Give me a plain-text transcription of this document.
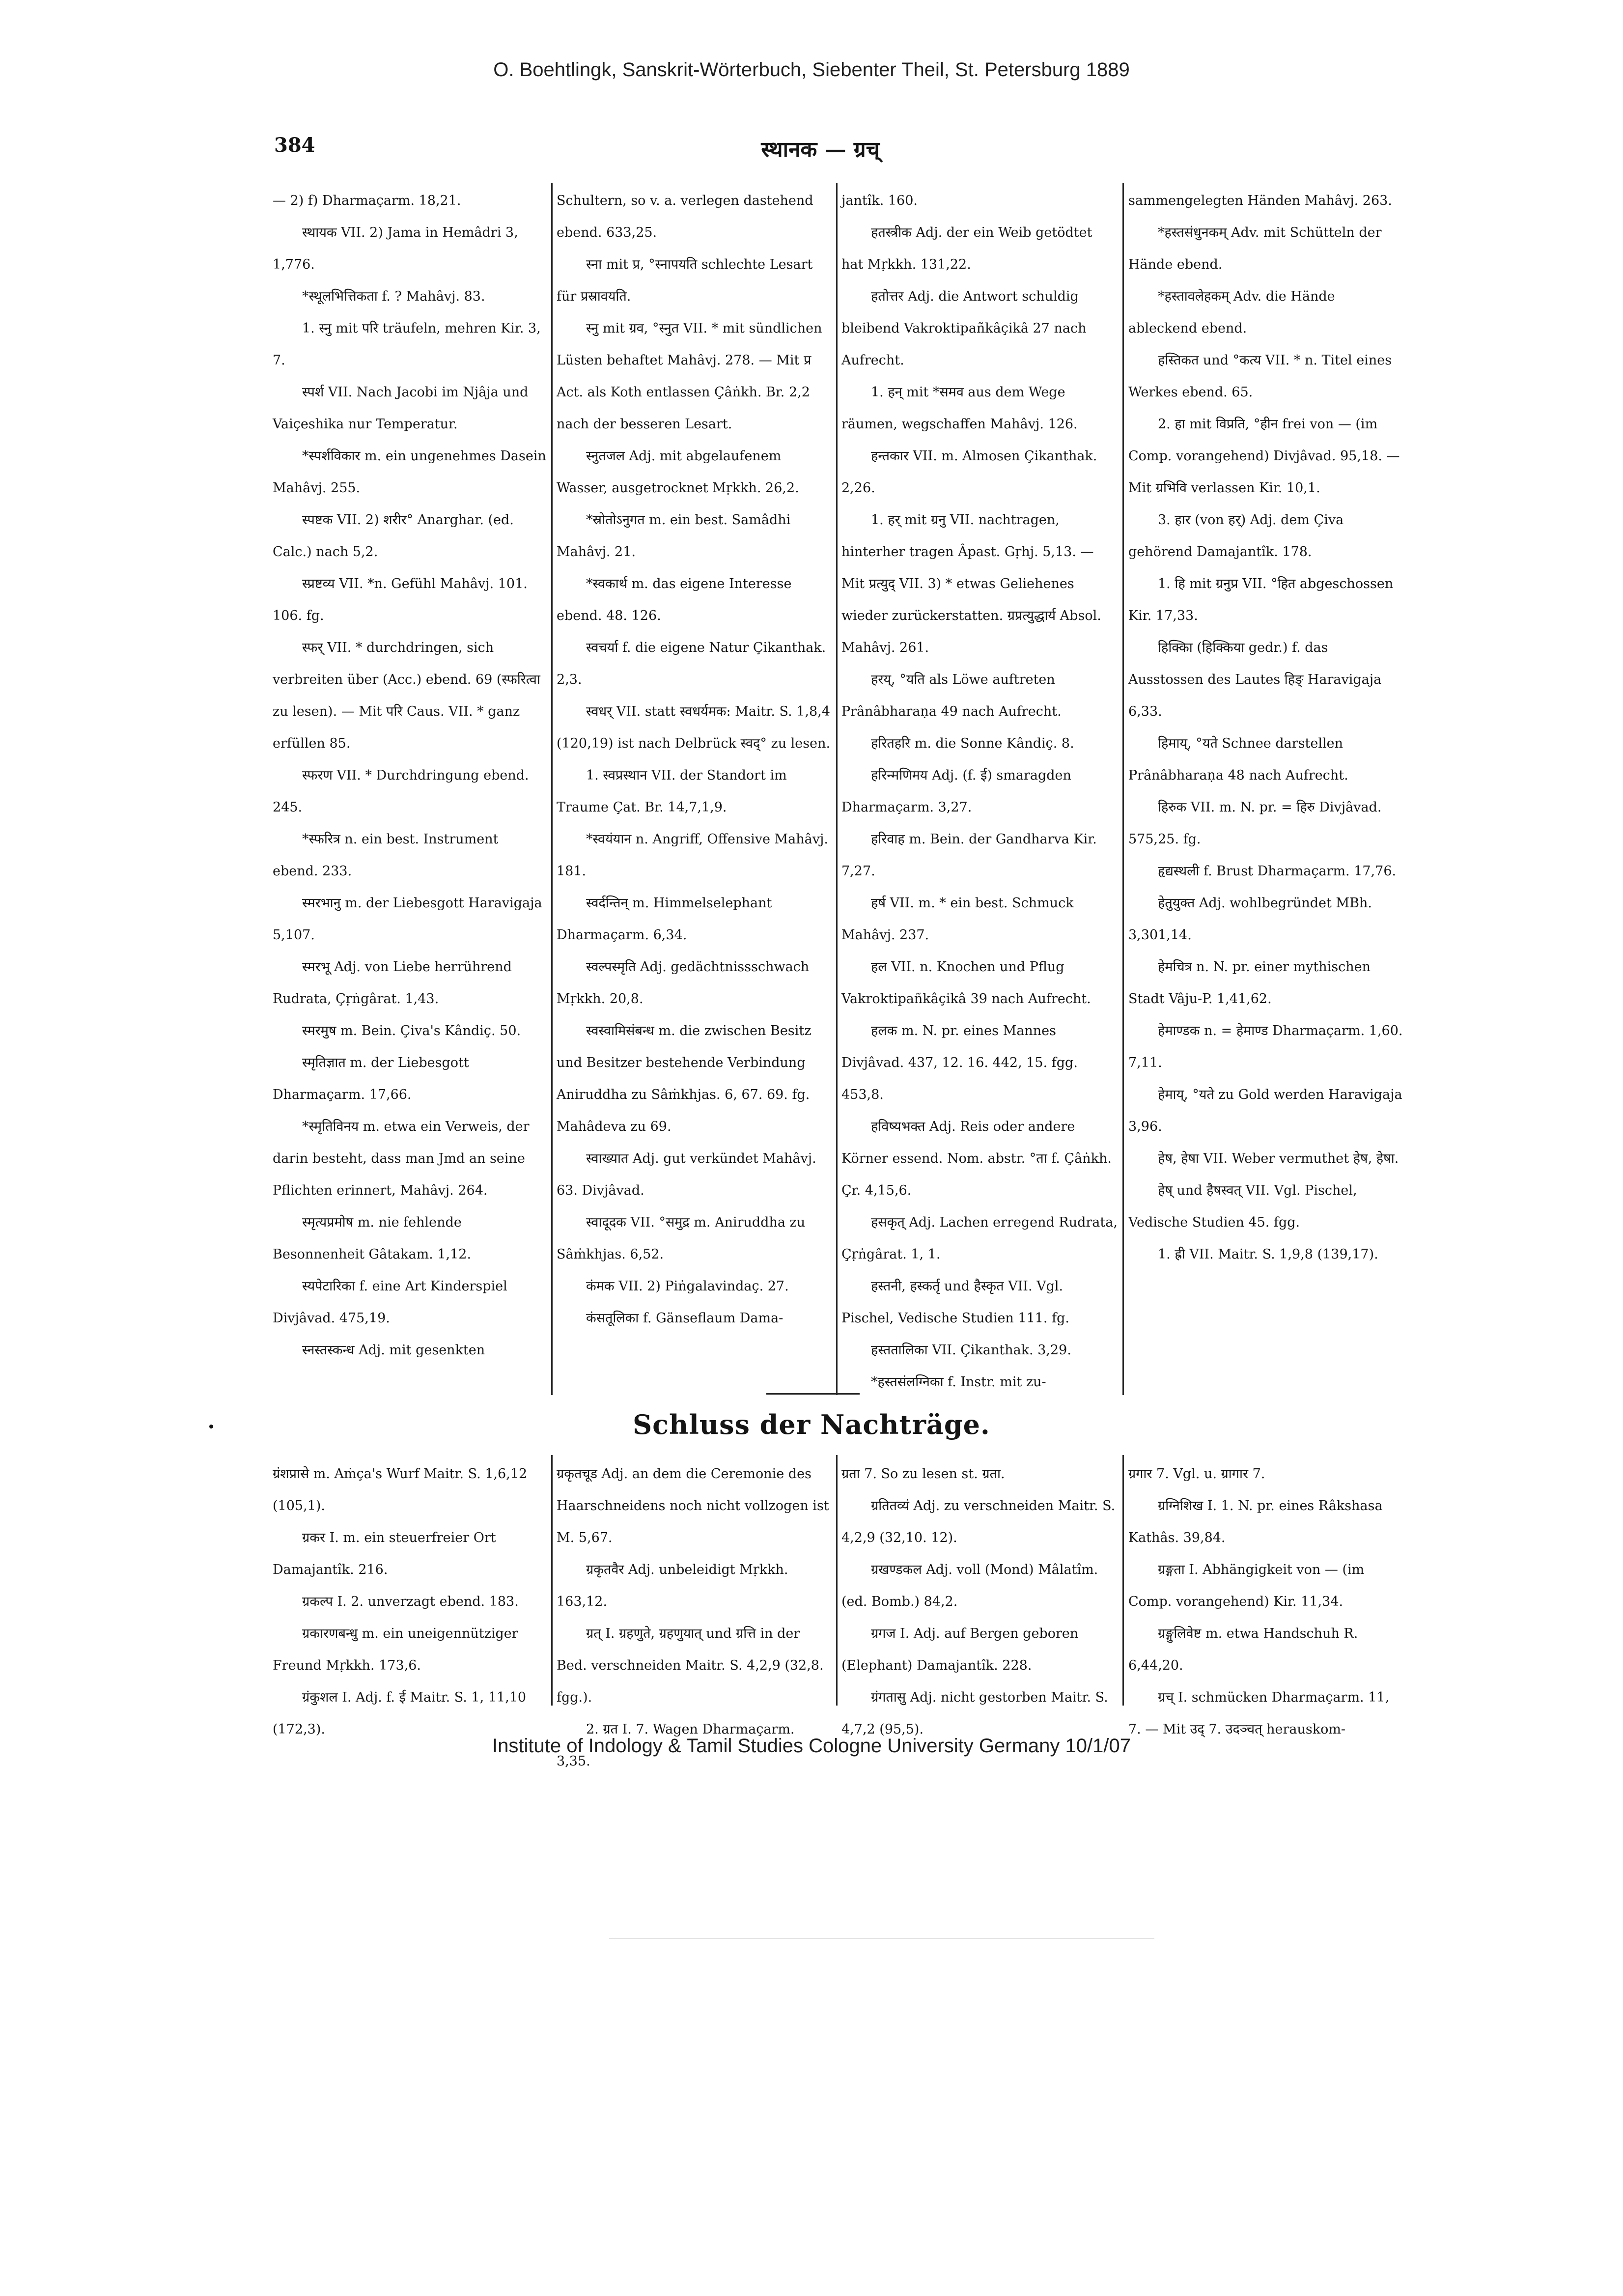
O. Boehtlingk, Sanskrit-Wörterbuch, Siebenter Theil, St. Petersburg 1889
384	स्थानक — ग्रच्

— 2) f) Dharmaçarm. 18,21.

स्थायक VII. 2) Jama in Hemâdri 3, 1,776.

*स्थूलभित्तिकता f. ? Mahâvj. 83.

1. स्नु mit परि träufeln, mehren Kir. 3, 7.

स्पर्श VII. Nach Jacobi im Njâja und Vaiçeshika nur Temperatur.

*स्पर्शविकार m. ein ungenehmes Dasein Mahâvj. 255.

स्पष्टक VII. 2) शरीर° Anarghar. (ed. Calc.) nach 5,2.

स्प्रष्टव्य VII. *n. Gefühl Mahâvj. 101. 106. fg.

स्फर् VII. * durchdringen, sich verbreiten über (Acc.) ebend. 69 (स्फरित्वा zu lesen). — Mit परि Caus. VII. * ganz erfüllen 85.

स्फरण VII. * Durchdringung ebend. 245.

*स्फरित्र n. ein best. Instrument ebend. 233.

स्मरभानु m. der Liebesgott Haravigaja 5,107.

स्मरभू Adj. von Liebe herrührend Rudrata, Çṛṅgârat. 1,43.

स्मरमुष m. Bein. Çiva's Kândiç. 50.

स्मृतिज्ञात m. der Liebesgott Dharmaçarm. 17,66.

*स्मृतिविनय m. etwa ein Verweis, der darin besteht, dass man Jmd an seine Pflichten erinnert, Mahâvj. 264.

स्मृत्यप्रमोष m. nie fehlende Besonnenheit Gâtakam. 1,12.

स्यपेटारिका f. eine Art Kinderspiel Divjâvad. 475,19.

स्नस्तस्कन्ध Adj. mit gesenkten

Schultern, so v. a. verlegen dastehend ebend. 633,25.

स्ना mit प्र, °स्नापयति schlechte Lesart für प्रस्रावयति.

स्नु mit ग्रव, °स्नुत VII. * mit sündlichen Lüsten behaftet Mahâvj. 278. — Mit प्र Act. als Koth entlassen Çâṅkh. Br. 2,2 nach der besseren Lesart.

स्नुतजल Adj. mit abgelaufenem Wasser, ausgetrocknet Mṛkkh. 26,2.

*स्रोतोऽनुगत m. ein best. Samâdhi Mahâvj. 21.

*स्वकार्थ m. das eigene Interesse ebend. 48. 126.

स्वचर्या f. die eigene Natur Çikanthak. 2,3.

स्वधर् VII. statt स्वधर्यमक: Maitr. S. 1,8,4 (120,19) ist nach Delbrück स्वद्° zu lesen.

1. स्वप्रस्थान VII. der Standort im Traume Çat. Br. 14,7,1,9.

*स्वयंयान n. Angriff, Offensive Mahâvj. 181.

स्वर्दन्तिन् m. Himmelselephant Dharmaçarm. 6,34.

स्वल्पस्मृति Adj. gedächtnissschwach Mṛkkh. 20,8.

स्वस्वामिसंबन्ध m. die zwischen Besitz und Besitzer bestehende Verbindung Aniruddha zu Sâṁkhjas. 6, 67. 69. fg. Mahâdeva zu 69.

स्वाख्यात Adj. gut verkündet Mahâvj. 63. Divjâvad.

स्वादूदक VII. °समुद्र m. Aniruddha zu Sâṁkhjas. 6,52.

कंमक VII. 2) Piṅgalavindaç. 27.

कंसतूलिका f. Gänseflaum Dama-

jantîk. 160.

हतस्त्रीक Adj. der ein Weib getödtet hat Mṛkkh. 131,22.

हतोत्तर Adj. die Antwort schuldig bleibend Vakroktipañkâçikâ 27 nach Aufrecht.

1. हन् mit *समव aus dem Wege räumen, wegschaffen Mahâvj. 126.

हन्तकार VII. m. Almosen Çikanthak. 2,26.

1. हर् mit ग्रनु VII. nachtragen, hinterher tragen Âpast. Gṛhj. 5,13. — Mit प्रत्युद् VII. 3) * etwas Geliehenes wieder zurückerstatten. ग्रप्रत्युद्धार्य Absol. Mahâvj. 261.

हरय्, °यति als Löwe auftreten Prânâbharaṇa 49 nach Aufrecht.

हरितहरि m. die Sonne Kândiç. 8.

हरिन्मणिमय Adj. (f. ई) smaragden Dharmaçarm. 3,27.

हरिवाह m. Bein. der Gandharva Kir. 7,27.

हर्ष VII. m. * ein best. Schmuck Mahâvj. 237.

हल VII. n. Knochen und Pflug Vakroktipañkâçikâ 39 nach Aufrecht.

हलक m. N. pr. eines Mannes Divjâvad. 437, 12. 16. 442, 15. fgg. 453,8.

हविष्यभक्त Adj. Reis oder andere Körner essend. Nom. abstr. °ता f. Çâṅkh. Çr. 4,15,6.

हसकृत् Adj. Lachen erregend Rudrata, Çṛṅgârat. 1, 1.

हस्तनी, हस्कर्तृ und हैस्कृत VII. Vgl. Pischel, Vedische Studien 111. fg.

हस्ततालिका VII. Çikanthak. 3,29.

*हस्तसंलग्निका f. Instr. mit zu-

sammengelegten Händen Mahâvj. 263.

*हस्तसंधुनकम् Adv. mit Schütteln der Hände ebend.

*हस्तावलेहकम् Adv. die Hände ableckend ebend.

हस्तिकत und °कत्य VII. * n. Titel eines Werkes ebend. 65.

2. हा mit विप्रति, °हीन frei von — (im Comp. vorangehend) Divjâvad. 95,18. — Mit ग्रभिवि verlassen Kir. 10,1.

3. हार (von हर्) Adj. dem Çiva gehörend Damajantîk. 178.

1. हि mit ग्रनुप्र VII. °हित abgeschossen Kir. 17,33.

हिक्किा (हिक्किया gedr.) f. das Ausstossen des Lautes हिङ् Haravigaja 6,33.

हिमाय्, °यते Schnee darstellen Prânâbharaṇa 48 nach Aufrecht.

हिरुक VII. m. N. pr. = हिरु Divjâvad. 575,25. fg.

हृद्यस्थली f. Brust Dharmaçarm. 17,76.

हेतुयुक्त Adj. wohlbegründet MBh. 3,301,14.

हेमचित्र n. N. pr. einer mythischen Stadt Vâju-P. 1,41,62.

हेमाण्डक n. = हेमाण्ड Dharmaçarm. 1,60. 7,11.

हेमाय्, °यते zu Gold werden Haravigaja 3,96.

हेष, हेषा VII. Weber vermuthet हेष, हेषा.

हेष् und हैषस्वत् VII. Vgl. Pischel, Vedische Studien 45. fgg.

1. ह्री VII. Maitr. S. 1,9,8 (139,17).

Schluss der Nachträge.

ग्रंशप्रासे m. Aṁça's Wurf Maitr. S. 1,6,12 (105,1).

ग्रकर I. m. ein steuerfreier Ort Damajantîk. 216.

ग्रकल्प I. 2. unverzagt ebend. 183.

ग्रकारणबन्धु m. ein uneigennütziger Freund Mṛkkh. 173,6.

ग्रंकुशल I. Adj. f. ई Maitr. S. 1, 11,10 (172,3).

ग्रकृतचूड Adj. an dem die Ceremonie des Haarschneidens noch nicht vollzogen ist M. 5,67.

ग्रकृतवैर Adj. unbeleidigt Mṛkkh. 163,12.

ग्रत् I. ग्रहणुते, ग्रहणुयात् und ग्रत्ति in der Bed. verschneiden Maitr. S. 4,2,9 (32,8. fgg.).

2. ग्रत I. 7. Wagen Dharmaçarm. 3,35.

ग्रता 7. So zu lesen st. ग्रता.

ग्रतितव्यं Adj. zu verschneiden Maitr. S. 4,2,9 (32,10. 12).

ग्रखण्डकल Adj. voll (Mond) Mâlatîm. (ed. Bomb.) 84,2.

ग्रगज I. Adj. auf Bergen geboren (Elephant) Damajantîk. 228.

ग्रंगतासु Adj. nicht gestorben Maitr. S. 4,7,2 (95,5).

ग्रगार 7. Vgl. u. ग्रागार 7.

ग्रग्निशिख I. 1. N. pr. eines Râkshasa Kathâs. 39,84.

ग्रङ्गता I. Abhängigkeit von — (im Comp. vorangehend) Kir. 11,34.

ग्रङ्गुलिवेष्ट m. etwa Handschuh R. 6,44,20.

ग्रच् I. schmücken Dharmaçarm. 11, 7. — Mit उद् 7. उदञ्चत् herauskom-

Institute of Indology & Tamil Studies Cologne University Germany 10/1/07
